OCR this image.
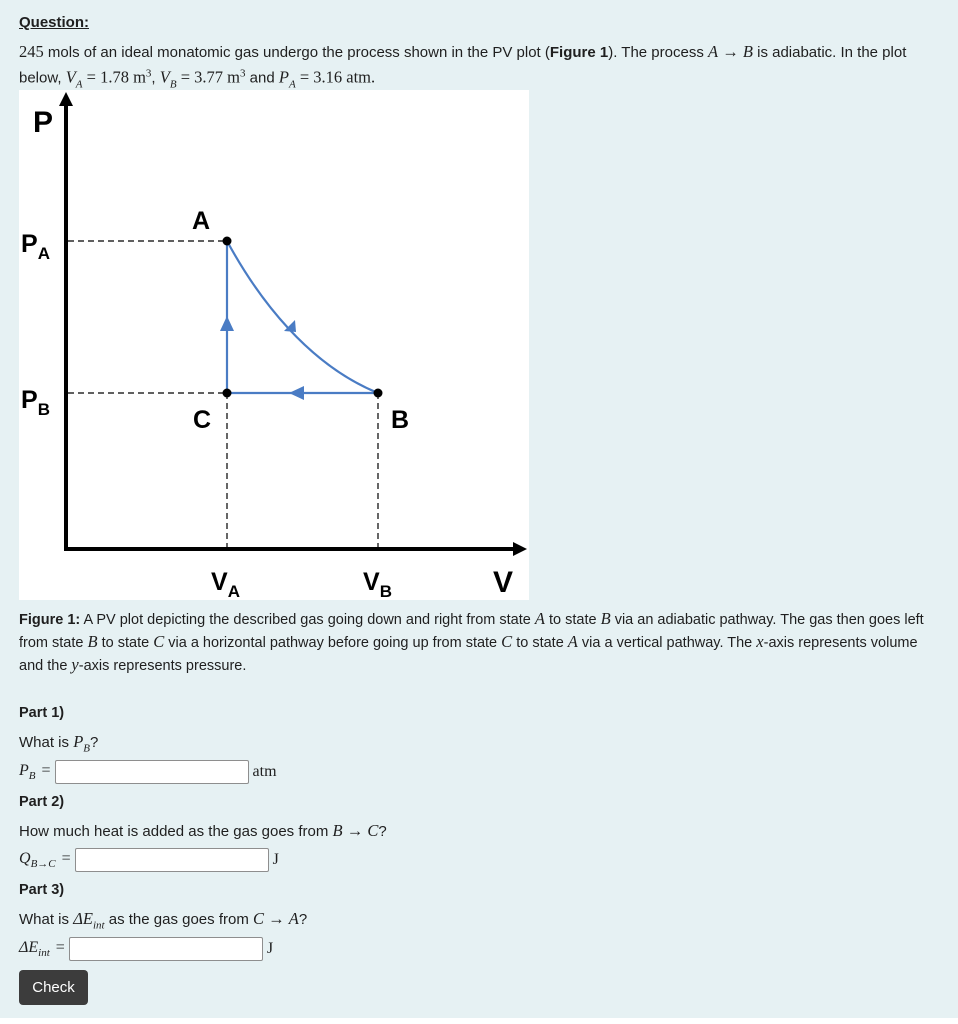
Question:
245 mols of an ideal monatomic gas undergo the process shown in the PV plot (Figure 1). The process A → B is adiabatic. In the plot below, $V_A = 1.78$ $m^3$, $V_B = 3.77$ $m^3$ and $P_A = 3.16$ atm.
P
V
$P_A$
$P_B$
$V_A$	$V_B$
A
B
C
Figure 1: A PV plot depicting the described gas going down and right from state A to state B via an adiabatic pathway. The gas then goes left from state B to state C via a horizontal pathway before going up from state C to state A via a vertical pathway. The x-axis represents volume and the y-axis represents pressure.
Part 1)
What is $P_B$?
$P_B$ =	atm
Part 2)
How much heat is added as the gas goes from B → C?
$Q_{B\to C}$ =	J
Part 3)
What is $\Delta E_{int}$ as the gas goes from C → A?
$\Delta E_{int}$ =	J
Check
